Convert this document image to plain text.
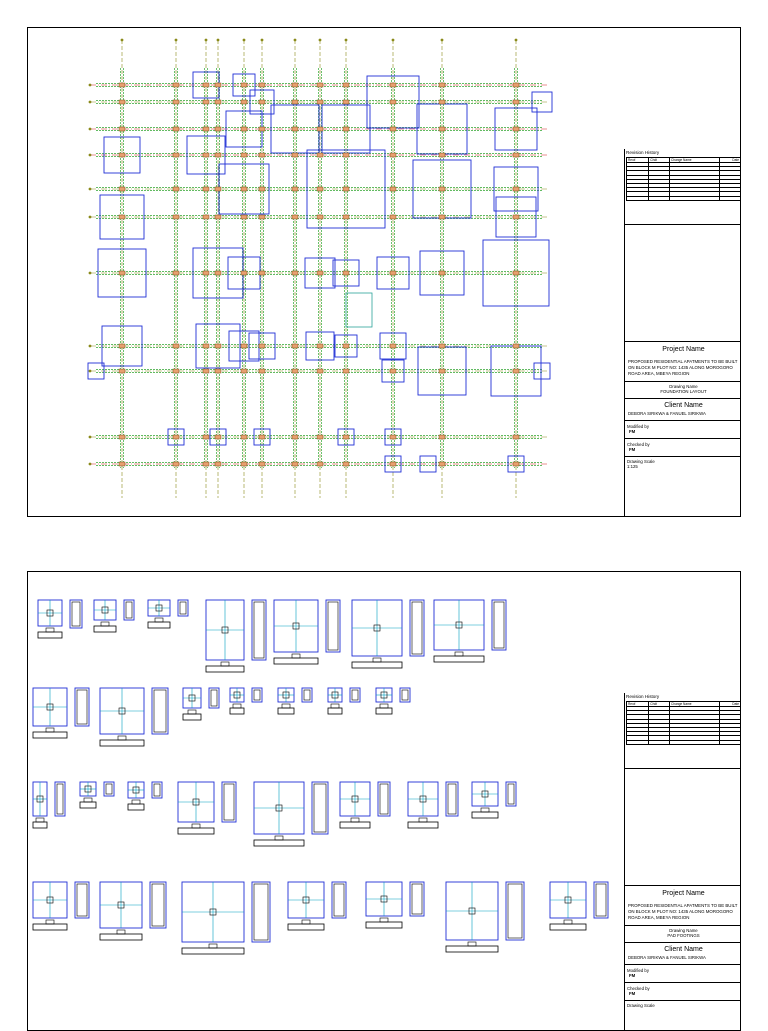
Revision History
Rev#	Chdt	Change Name	Date

Project Name
PROPOSED RESIDENTIAL APATMENTS TO BE BUILT ON BLOCK M PLOT NO: 1435 ALONG MOROGORO ROAD AREA, MBEYA REGION
Drawing Name
FOUNDATION LAYOUT
Client Name
DEBORA SIRIKWA & FANUEL SIRIKWA
Modified by
FM
Checked by
FM
Drawing Scale
1:125
Revision History
Rev#	Chdt	Change Name	Date

Project Name
PROPOSED RESIDENTIAL APATMENTS TO BE BUILT ON BLOCK M PLOT NO: 1435 ALONG MOROGORO ROAD AREA, MBEYA REGION
Drawing Name
PAD FOOTINGS
Client Name
DEBORA SIRIKWA & FANUEL SIRIKWA
Modified by
FM
Checked by
FM
Drawing Scale
